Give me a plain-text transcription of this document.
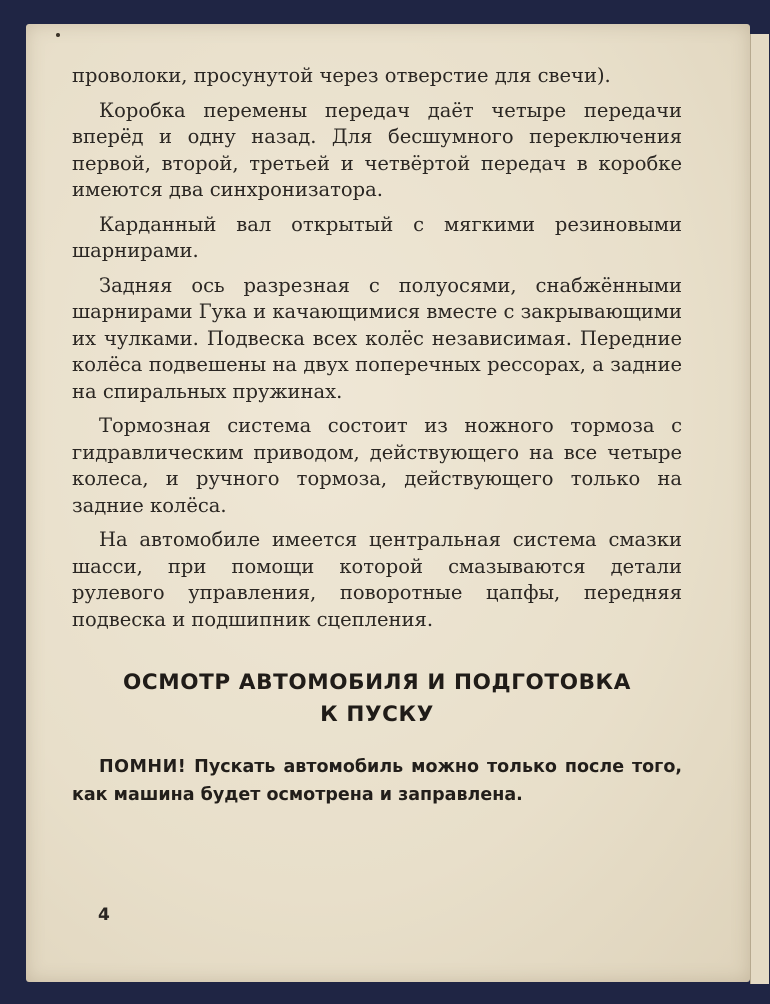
проволоки, просунутой через отверстие для свечи).

Коробка перемены передач даёт четыре передачи вперёд и одну назад. Для бесшумного переключения первой, второй, третьей и четвёртой передач в коробке имеются два синхронизатора.

Карданный вал открытый с мягкими резиновыми шарнирами.

Задняя ось разрезная с полуосями, снабжёнными шарнирами Гука и качающимися вместе с закрывающими их чулками. Подвеска всех колёс независимая. Передние колёса подвешены на двух поперечных рессорах, а задние на спиральных пружинах.

Тормозная система состоит из ножного тормоза с гидравлическим приводом, действующего на все четыре колеса, и ручного тормоза, действующего только на задние колёса.

На автомобиле имеется центральная система смазки шасси, при помощи которой смазываются детали рулевого управления, поворотные цапфы, передняя подвеска и подшипник сцепления.

ОСМОТР АВТОМОБИЛЯ И ПОДГОТОВКА
К ПУСКУ

ПОМНИ! Пускать автомобиль можно только после того, как машина будет осмотрена и заправлена.

4
